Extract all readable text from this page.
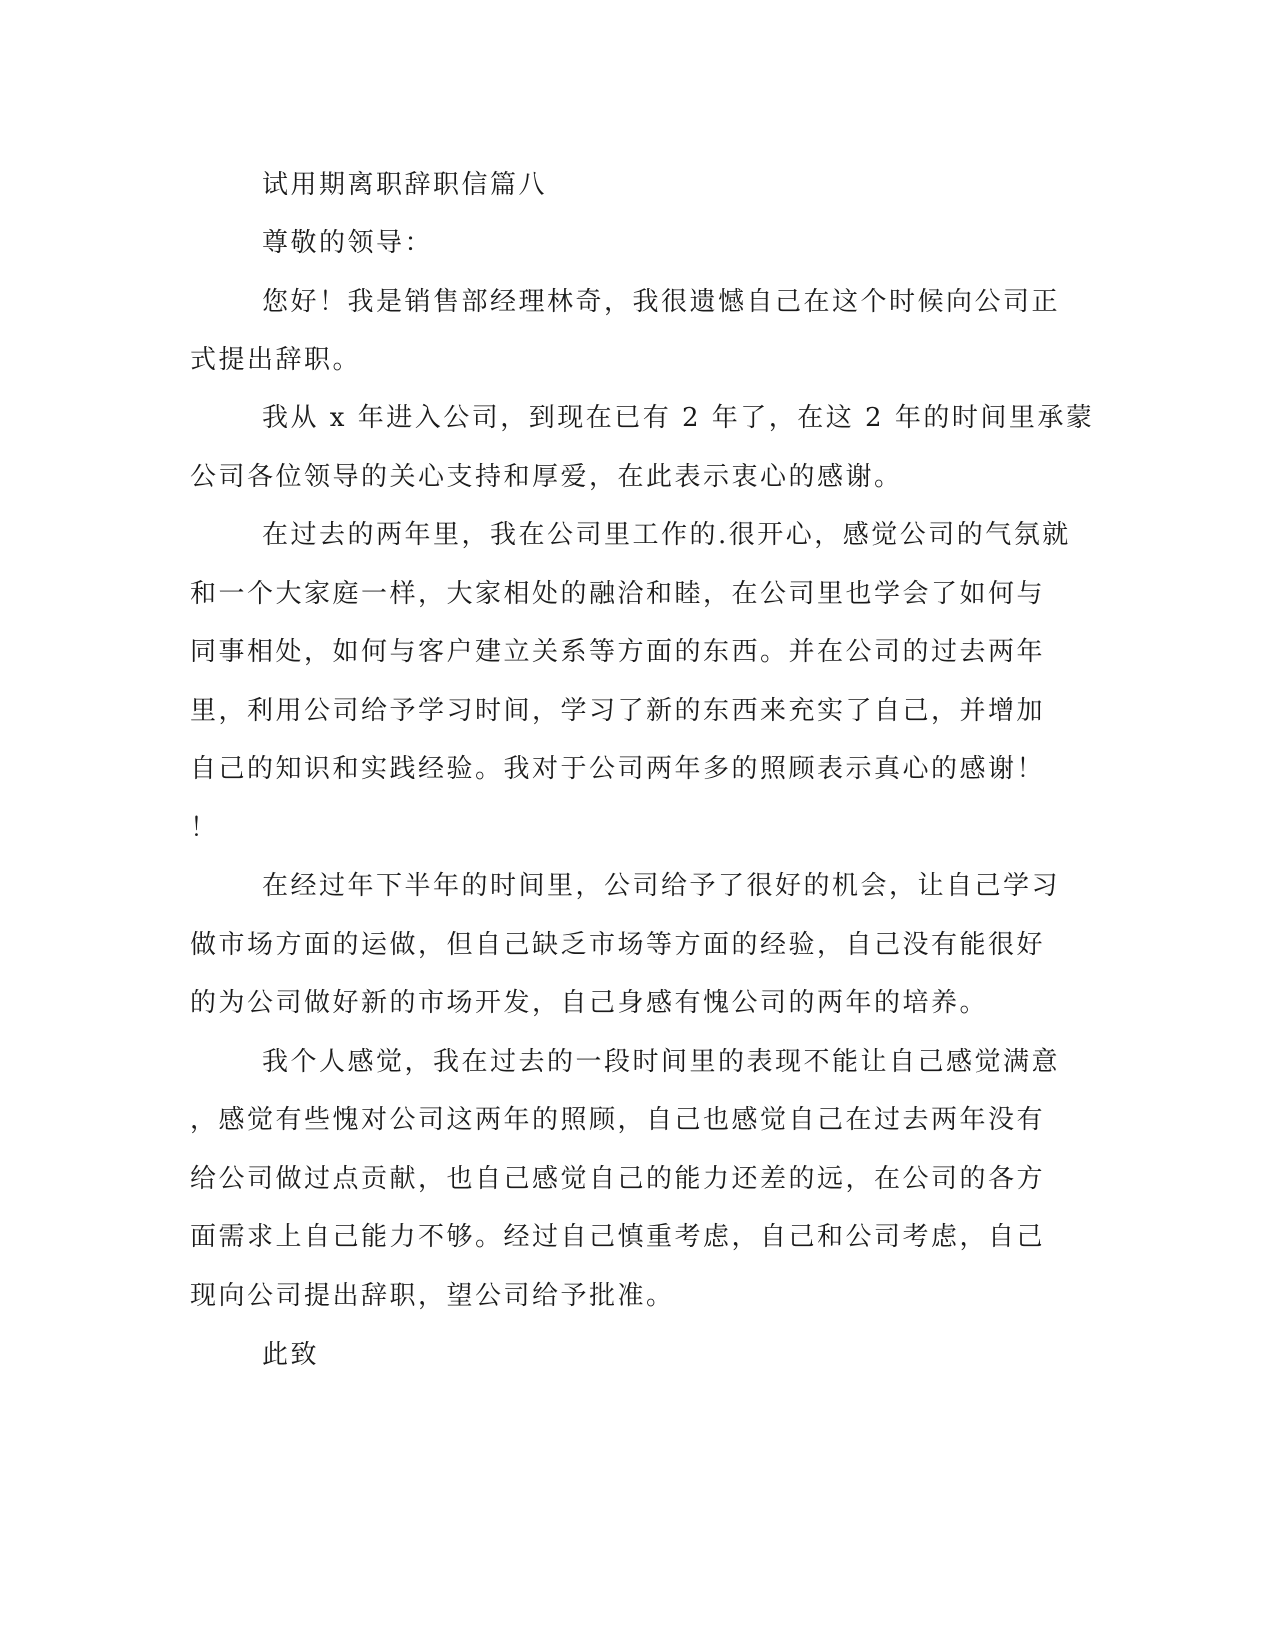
试用期离职辞职信篇八
尊敬的领导：
您好！我是销售部经理林奇，我很遗憾自己在这个时候向公司正
式提出辞职。
我从 x 年进入公司，到现在已有 2 年了，在这 2 年的时间里承蒙
公司各位领导的关心支持和厚爱，在此表示衷心的感谢。
在过去的两年里，我在公司里工作的.很开心，感觉公司的气氛就
和一个大家庭一样，大家相处的融洽和睦，在公司里也学会了如何与
同事相处，如何与客户建立关系等方面的东西。并在公司的过去两年
里，利用公司给予学习时间，学习了新的东西来充实了自己，并增加
自己的知识和实践经验。我对于公司两年多的照顾表示真心的感谢！
！
在经过年下半年的时间里，公司给予了很好的机会，让自己学习
做市场方面的运做，但自己缺乏市场等方面的经验，自己没有能很好
的为公司做好新的市场开发，自己身感有愧公司的两年的培养。
我个人感觉，我在过去的一段时间里的表现不能让自己感觉满意
，感觉有些愧对公司这两年的照顾，自己也感觉自己在过去两年没有
给公司做过点贡献，也自己感觉自己的能力还差的远，在公司的各方
面需求上自己能力不够。经过自己慎重考虑，自己和公司考虑，自己
现向公司提出辞职，望公司给予批准。
此致
